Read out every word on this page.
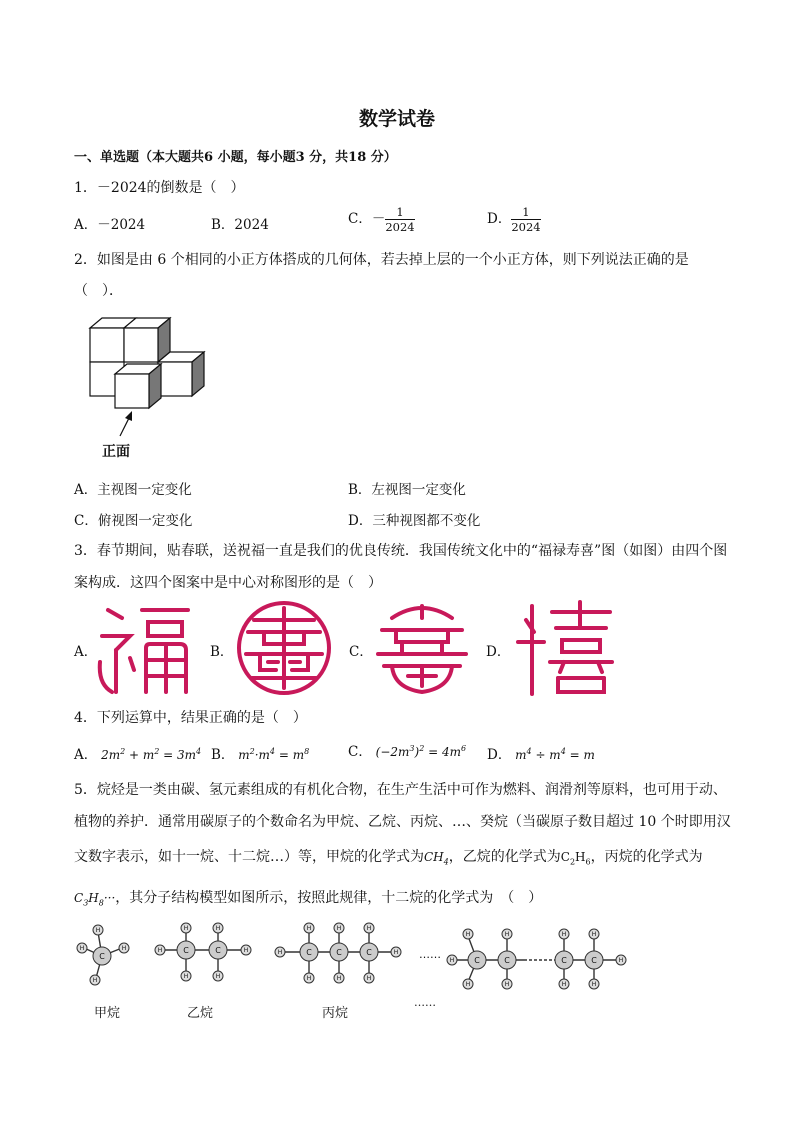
数学试卷
一、单选题（本大题共6 小题，每小题3 分，共18 分）
1．－2024的倒数是（　）
A．－2024	B．2024	C．－ $\frac{1}{2024}$	D． $\frac{1}{2024}$
2．如图是由 6 个相同的小正方体搭成的几何体，若去掉上层的一个小正方体，则下列说法正确的是
（　）．
正面
A．主视图一定变化	B．左视图一定变化
C．俯视图一定变化	D．三种视图都不变化
3．春节期间，贴春联，送祝福一直是我们的优良传统．我国传统文化中的“福禄寿喜”图（如图）由四个图
案构成．这四个图案中是中心对称图形的是（　）
A．	B．	C．	D．
4．下列运算中，结果正确的是（　）
A． $2m^2 + m^2 = 3m^4$ B． $m^2\cdot m^4 = m^8$	C． $(-2m^3)^2 = 4m^6$ D． $m^4 \div m^4 = m$
5．烷烃是一类由碳、氢元素组成的有机化合物，在生产生活中可作为燃料、润滑剂等原料，也可用于动、
植物的养护．通常用碳原子的个数命名为甲烷、乙烷、丙烷、…、癸烷（当碳原子数目超过 10 个时即用汉
文数字表示，如十一烷、十二烷…）等，甲烷的化学式为$CH_4$，乙烷的化学式为$C_2H_6$，丙烷的化学式为
$C_3H_8\cdot\cdot\cdot$，其分子结构模型如图所示，按照此规律，十二烷的化学式为　（　）
C
C	C	C	C	C
C	C	C	C
H
H
H
H
H
H
H
H
H
H
H
H
H
H
H
H
H
H
H
H
H
H
H
H
H
H
H
H
……
甲烷	乙烷	丙烷
……
